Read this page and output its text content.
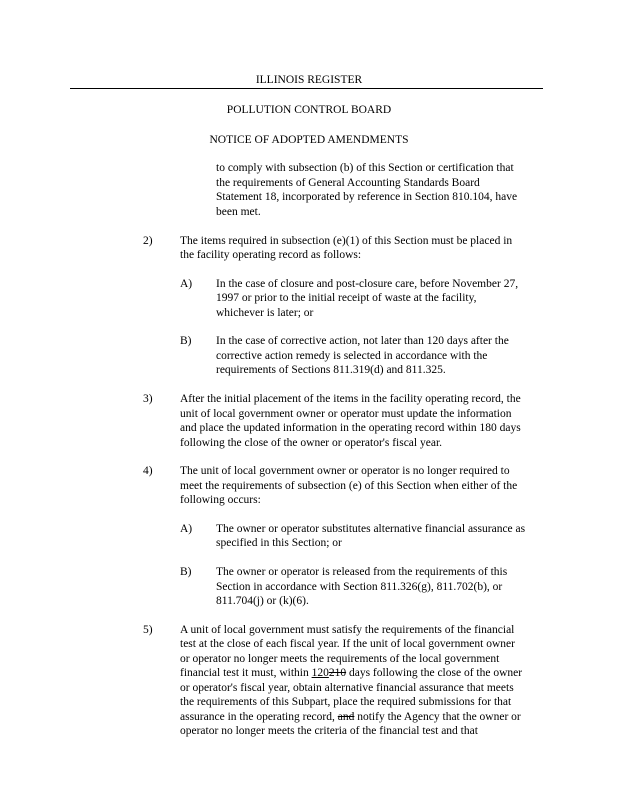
ILLINOIS REGISTER
POLLUTION CONTROL BOARD
NOTICE OF ADOPTED AMENDMENTS
to comply with subsection (b) of this Section or certification that
the requirements of General Accounting Standards Board
Statement 18, incorporated by reference in Section 810.104, have
been met.
2) The items required in subsection (e)(1) of this Section must be placed in
the facility operating record as follows:
A) In the case of closure and post-closure care, before November 27,
1997 or prior to the initial receipt of waste at the facility,
whichever is later; or
B) In the case of corrective action, not later than 120 days after the
corrective action remedy is selected in accordance with the
requirements of Sections 811.319(d) and 811.325.
3) After the initial placement of the items in the facility operating record, the
unit of local government owner or operator must update the information
and place the updated information in the operating record within 180 days
following the close of the owner or operator's fiscal year.
4) The unit of local government owner or operator is no longer required to
meet the requirements of subsection (e) of this Section when either of the
following occurs:
A) The owner or operator substitutes alternative financial assurance as
specified in this Section; or
B) The owner or operator is released from the requirements of this
Section in accordance with Section 811.326(g), 811.702(b), or
811.704(j) or (k)(6).
5) A unit of local government must satisfy the requirements of the financial
test at the close of each fiscal year. If the unit of local government owner
or operator no longer meets the requirements of the local government
financial test it must, within 120210 days following the close of the owner
or operator's fiscal year, obtain alternative financial assurance that meets
the requirements of this Subpart, place the required submissions for that
assurance in the operating record, and notify the Agency that the owner or
operator no longer meets the criteria of the financial test and that
